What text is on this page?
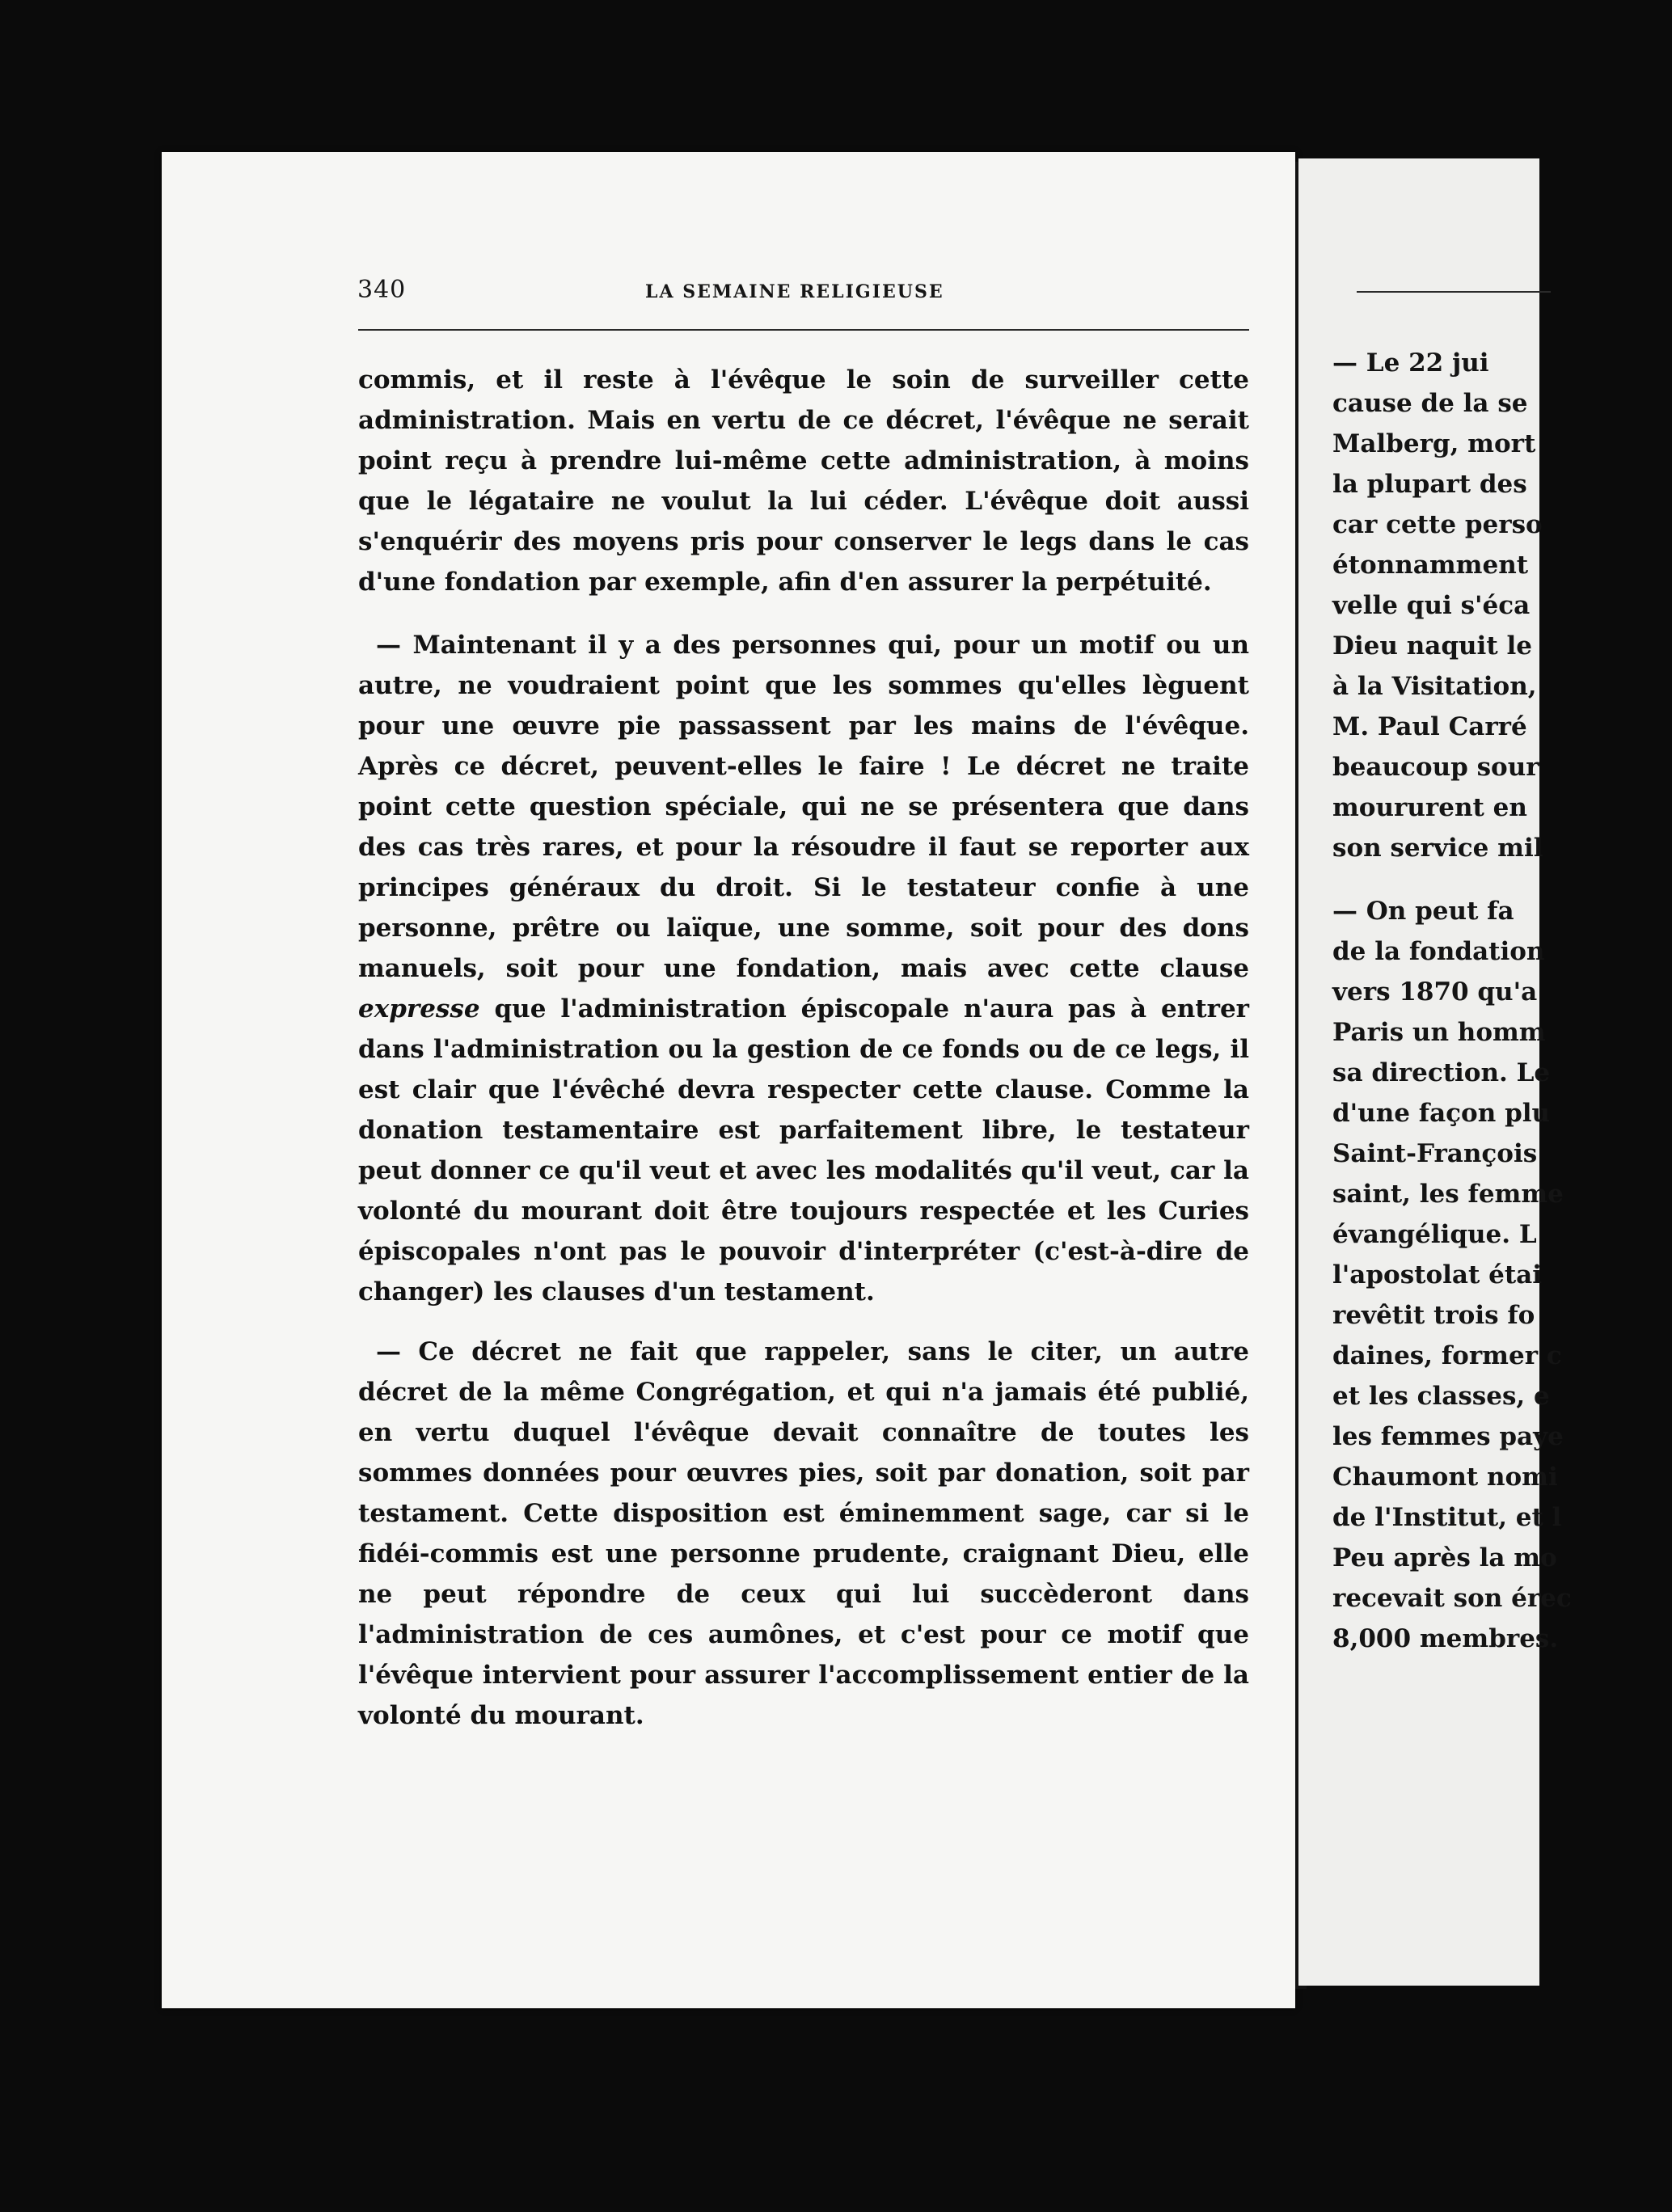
340	LA SEMAINE RELIGIEUSE

commis, et il reste à l'évêque le soin de surveiller cette administration. Mais en vertu de ce décret, l'évêque ne serait point reçu à prendre lui-même cette administration, à moins que le légataire ne voulut la lui céder. L'évêque doit aussi s'enquérir des moyens pris pour conserver le legs dans le cas d'une fondation par exemple, afin d'en assurer la perpétuité.

— Maintenant il y a des personnes qui, pour un motif ou un autre, ne voudraient point que les sommes qu'elles lèguent pour une œuvre pie passassent par les mains de l'évêque. Après ce décret, peuvent-elles le faire ! Le décret ne traite point cette question spéciale, qui ne se présentera que dans des cas très rares, et pour la résoudre il faut se reporter aux principes généraux du droit. Si le testateur confie à une personne, prêtre ou laïque, une somme, soit pour des dons manuels, soit pour une fondation, mais avec cette clause expresse que l'administration épiscopale n'aura pas à entrer dans l'administration ou la gestion de ce fonds ou de ce legs, il est clair que l'évêché devra respecter cette clause. Comme la donation testamentaire est parfaitement libre, le testateur peut donner ce qu'il veut et avec les modalités qu'il veut, car la volonté du mourant doit être toujours respectée et les Curies épiscopales n'ont pas le pouvoir d'interpréter (c'est-à-dire de changer) les clauses d'un testament.

— Ce décret ne fait que rappeler, sans le citer, un autre décret de la même Congrégation, et qui n'a jamais été publié, en vertu duquel l'évêque devait connaître de toutes les sommes données pour œuvres pies, soit par donation, soit par testament. Cette disposition est éminemment sage, car si le fidéi-commis est une personne prudente, craignant Dieu, elle ne peut répondre de ceux qui lui succèderont dans l'administration de ces aumônes, et c'est pour ce motif que l'évêque intervient pour assurer l'accomplissement entier de la volonté du mourant.

— Le 22 jui
cause de la se
Malberg, mort
la plupart des
car cette perso
étonnamment
velle qui s'éca
Dieu naquit le
à la Visitation,
M. Paul Carré
beaucoup sour
moururent en
son service mil
— On peut fa
de la fondation
vers 1870 qu'a
Paris un homm
sa direction. Le
d'une façon plu
Saint-François
saint, les femme
évangélique. L
l'apostolat étai
revêtit trois fo
daines, former c
et les classes, e
les femmes paye
Chaumont nomi
de l'Institut, et l
Peu après la mo
recevait son érec
8,000 membres.
